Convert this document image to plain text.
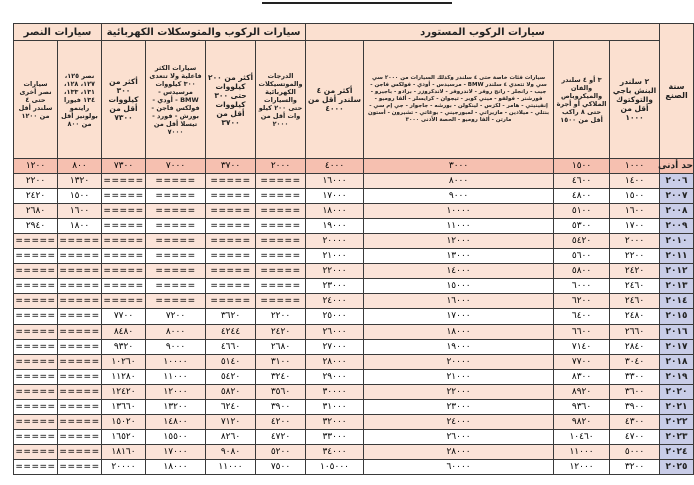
سنة الصنع	سيارات الركوب المستورد				سيارات الركوب والمتوسكلات الكهربائية				سيارات النصر	
	٢ سلندر البنش باجي والتوكتوك أقل من ١٠٠٠	٣ أو ٤ سلندر والفان والميكروباص الملاكي أو أجرة حتى ٨ راكب أقل من ١٥٠٠	سيارات فئات خاصة حتى ٤ سلندر وكذلك السيارات من ٢٠٠٠ سي سي ولا تتعدي ٤ سلندر BMW - مرسيدس - أودي - فولكس فاجن - جيب - رانجلر - رانج روفر - لاندروفر - لاندكروزر - برادو - باجيرو - فورشنر - فولفو - ميني كوبر - تيجوان - كرايسلر - ألفا روميو - إنفينيتي - هامر - لكزس - لينكولن - بورشه - جاجوار - جي إم سي - بنتلي - ميلادين - مازيراتي - لمبورجيني - بوغاتي - تشيرون - أستون مارتن - ألفا روميو - الحصة الأدنى ٣٠٠٠	أكثر من ٤ سلندر أقل من ٤٠٠٠	الدرجات والموتسيكلات الكهربائية والسيارات حتى ٢٠٠ كيلو وات أقل من ٢٠٠٠	أكثر من ٢٠٠ كيلووات حتى ٣٠٠ كيلووات أقل من ٣٧٠٠	سيارات الكثر فاعلية ولا تتعدى ٣٠٠ كيلووات مرسيدس - BMW - أودي - فولكس فاجن - بورش - فورد - تيسلا أقل من ٧٠٠٠	أكثر من ٣٠٠ كيلووات أقل من ٧٣٠٠	نصر ١٢٥، ١٢٧، ١٢٨، ١٣١، ١٣٣، ١٣٤ فيورا رايتمو بولونيز أقل من ٨٠٠	سيارات نصر أخرى حتى ٤ سلندر أقل من ١٢٠٠
حد أدنى	١٠٠٠	١٥٠٠	٣٠٠٠	٤٠٠٠	٢٠٠٠	٣٧٠٠	٧٠٠٠	٧٣٠٠	٨٠٠	١٢٠٠
٢٠٠٦	١٤٠٠	٤٦٠٠	٨٠٠٠	١٦٠٠٠	=====	=====	=====	=====	١٣٢٠	٢٢٠٠
٢٠٠٧	١٥٠٠	٤٨٠٠	٩٠٠٠	١٧٠٠٠	=====	=====	=====	=====	١٥٠٠	٢٤٢٠
٢٠٠٨	١٦٠٠	٥١٠٠	١٠٠٠٠	١٨٠٠٠	=====	=====	=====	=====	١٦٠٠	٢٦٨٠
٢٠٠٩	١٧٠٠	٥٣٠٠	١١٠٠٠	١٩٠٠٠	=====	=====	=====	=====	١٨٠٠	٢٩٤٠
٢٠١٠	٢٠٠٠	٥٤٢٠	١٢٠٠٠	٢٠٠٠٠	=====	=====	=====	=====	=====	=====
٢٠١١	٢٢٠٠	٥٦٠٠	١٣٠٠٠	٢١٠٠٠	=====	=====	=====	=====	=====	=====
٢٠١٢	٢٤٢٠	٥٨٠٠	١٤٠٠٠	٢٢٠٠٠	=====	=====	=====	=====	=====	=====
٢٠١٣	٢٤٦٠	٦٠٠٠	١٥٠٠٠	٢٣٠٠٠	=====	=====	=====	=====	=====	=====
٢٠١٤	٢٤٦٠	٦٢٠٠	١٦٠٠٠	٢٤٠٠٠	=====	=====	=====	=====	=====	=====
٢٠١٥	٢٤٨٠	٦٤٠٠	١٧٠٠٠	٢٥٠٠٠	٢٢٠٠	٣٦٢٠	٧٢٠٠	٧٧٠٠	=====	=====
٢٠١٦	٢٦٦٠	٦٦٠٠	١٨٠٠٠	٢٦٠٠٠	٢٤٢٠	٤٢٤٤	٨٠٠٠	٨٤٨٠	=====	=====
٢٠١٧	٢٨٤٠	٧١٤٠	١٩٠٠٠	٢٧٠٠٠	٢٦٨٠	٤٦٦٠	٩٠٠٠	٩٣٢٠	=====	=====
٢٠١٨	٣٠٤٠	٧٧٠٠	٢٠٠٠٠	٢٨٠٠٠	٣١٠٠	٥١٤٠	١٠٠٠٠	١٠٢٦٠	=====	=====
٢٠١٩	٣٣٠٠	٨٣٠٠	٢١٠٠٠	٢٩٠٠٠	٣٢٤٠	٥٤٢٠	١١٠٠٠	١١٢٨٠	=====	=====
٢٠٢٠	٣٦٠٠	٨٩٢٠	٢٢٠٠٠	٣٠٠٠٠	٣٥٦٠	٥٨٢٠	١٢٠٠٠	١٢٤٢٠	=====	=====
٢٠٢١	٣٩٠٠	٩٣٦٠	٢٣٠٠٠	٣١٠٠٠	٣٩٠٠	٦٢٤٠	١٣٢٠٠	١٣٦٦٠	=====	=====
٢٠٢٢	٤٣٠٠	٩٨٢٠	٢٤٠٠٠	٣٢٠٠٠	٤٢٠٠	٧١٢٠	١٤٨٠٠	١٥٠٢٠	=====	=====
٢٠٢٣	٤٧٠٠	١٠٤٦٠	٢٦٠٠٠	٣٣٠٠٠	٤٧٢٠	٨٢٦٠	١٥٥٠٠	١٦٥٢٠	=====	=====
٢٠٢٤	٥٠٠٠	١١٠٠٠	٢٨٠٠٠	٣٤٠٠٠	٥٢٠٠	٩٠٨٠	١٧٠٠٠	١٨١٦٠	=====	=====
٢٠٢٥	٣٢٠٠	١٢٠٠٠	٦٠٠٠٠	١٠٥٠٠٠	٧٥٠٠	١١٠٠٠	١٨٠٠٠	٢٠٠٠٠	=====	=====
